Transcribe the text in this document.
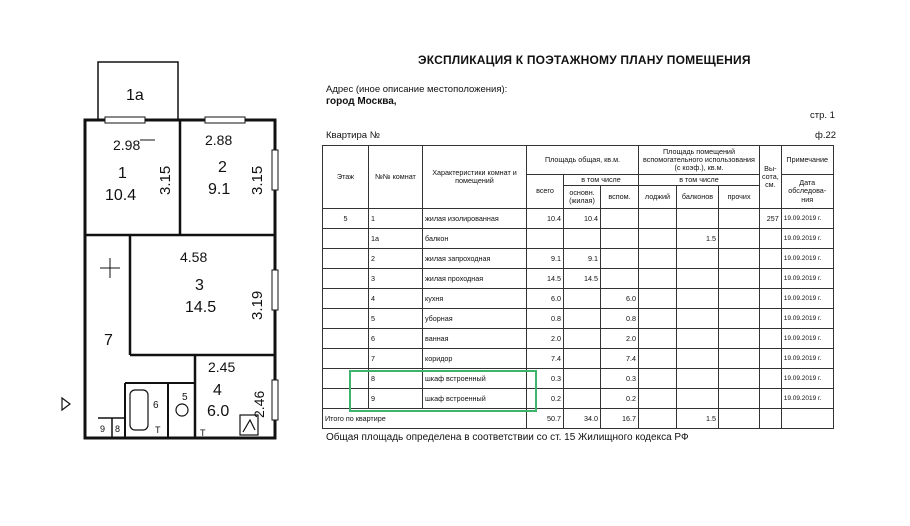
1а
2.98
1
10.4
3.15
2.88
2
9.1 3.15
4.58
3
14.5 3.19
7
2.45
4
6.0 2.46
5
6
9 8	Т	Т
ЭКСПЛИКАЦИЯ К ПОЭТАЖНОМУ ПЛАНУ ПОМЕЩЕНИЯ
Адрес (иное описание местоположения):
город Москва,
стр. 1
Квартира №	ф.22
Этаж	№№ комнат	Характеристики комнат и помещений	Площадь общая, кв.м.			Площадь помещений вспомогательного использования (с коэф.), кв.м.			Вы-сота, см.	Примечание
			всего	в том числе		в том числе				Дата обследова-ния
				основн. (жилая)	вспом.	лоджий	балконов	прочих		
5	1	жилая изолированная	10.4	10.4					257	19.09.2019 г.
	1а	балкон					1.5			19.09.2019 г.
	2	жилая запроходная	9.1	9.1						19.09.2019 г.
	3	жилая проходная	14.5	14.5						19.09.2019 г.
	4	кухня	6.0		6.0					19.09.2019 г.
	5	уборная	0.8		0.8					19.09.2019 г.
	6	ванная	2.0		2.0					19.09.2019 г.
	7	коридор	7.4		7.4					19.09.2019 г.
	8	шкаф встроенный	0.3		0.3					19.09.2019 г.
	9	шкаф встроенный	0.2		0.2					19.09.2019 г.
Итого по квартире			50.7	34.0	16.7		1.5			
Общая площадь определена в соответствии со ст. 15 Жилищного кодекса РФ
